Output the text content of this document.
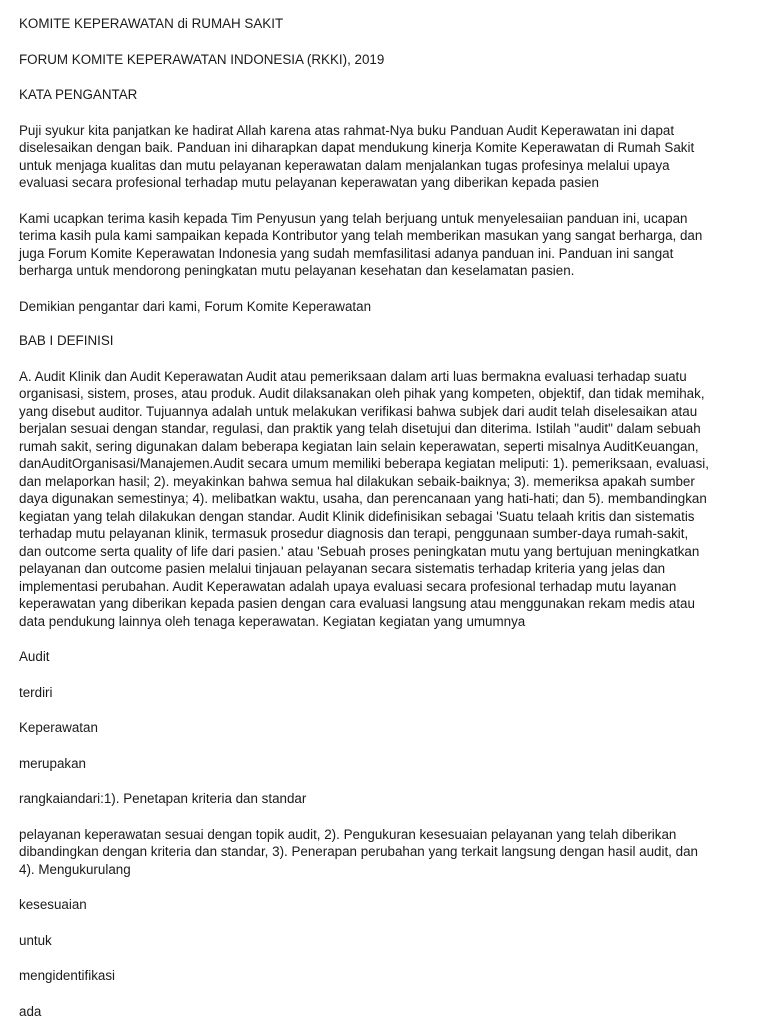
KOMITE KEPERAWATAN di RUMAH SAKIT

FORUM KOMITE KEPERAWATAN INDONESIA (RKKI), 2019

KATA PENGANTAR

Puji syukur kita panjatkan ke hadirat Allah karena atas rahmat-Nya buku Panduan Audit Keperawatan ini dapat

diselesaikan dengan baik. Panduan ini diharapkan dapat mendukung kinerja Komite Keperawatan di Rumah Sakit

untuk menjaga kualitas dan mutu pelayanan keperawatan dalam menjalankan tugas profesinya melalui upaya

evaluasi secara profesional terhadap mutu pelayanan keperawatan yang diberikan kepada pasien

Kami ucapkan terima kasih kepada Tim Penyusun yang telah berjuang untuk menyelesaiian panduan ini, ucapan

terima kasih pula kami sampaikan kepada Kontributor yang telah memberikan masukan yang sangat berharga, dan

juga Forum Komite Keperawatan Indonesia yang sudah memfasilitasi adanya panduan ini. Panduan ini sangat

berharga untuk mendorong peningkatan mutu pelayanan kesehatan dan keselamatan pasien.

Demikian pengantar dari kami, Forum Komite Keperawatan

BAB I DEFINISI

A. Audit Klinik dan Audit Keperawatan Audit atau pemeriksaan dalam arti luas bermakna evaluasi terhadap suatu

organisasi, sistem, proses, atau produk. Audit dilaksanakan oleh pihak yang kompeten, objektif, dan tidak memihak,

yang disebut auditor. Tujuannya adalah untuk melakukan verifikasi bahwa subjek dari audit telah diselesaikan atau

berjalan sesuai dengan standar, regulasi, dan praktik yang telah disetujui dan diterima. Istilah "audit" dalam sebuah

rumah sakit, sering digunakan dalam beberapa kegiatan lain selain keperawatan, seperti misalnya AuditKeuangan,

danAuditOrganisasi/Manajemen.Audit secara umum memiliki beberapa kegiatan meliputi: 1). pemeriksaan, evaluasi,

dan melaporkan hasil; 2). meyakinkan bahwa semua hal dilakukan sebaik-baiknya; 3). memeriksa apakah sumber

daya digunakan semestinya; 4). melibatkan waktu, usaha, dan perencanaan yang hati-hati; dan 5). membandingkan

kegiatan yang telah dilakukan dengan standar. Audit Klinik didefinisikan sebagai 'Suatu telaah kritis dan sistematis

terhadap mutu pelayanan klinik, termasuk prosedur diagnosis dan terapi, penggunaan sumber-daya rumah-sakit,

dan outcome serta quality of life dari pasien.' atau 'Sebuah proses peningkatan mutu yang bertujuan meningkatkan

pelayanan dan outcome pasien melalui tinjauan pelayanan secara sistematis terhadap kriteria yang jelas dan

implementasi perubahan. Audit Keperawatan adalah upaya evaluasi secara profesional terhadap mutu layanan

keperawatan yang diberikan kepada pasien dengan cara evaluasi langsung atau menggunakan rekam medis atau

data pendukung lainnya oleh tenaga keperawatan. Kegiatan kegiatan yang umumnya

Audit

terdiri

Keperawatan

merupakan

rangkaiandari:1). Penetapan kriteria dan standar

pelayanan keperawatan sesuai dengan topik audit, 2). Pengukuran kesesuaian pelayanan yang telah diberikan

dibandingkan dengan kriteria dan standar, 3). Penerapan perubahan yang terkait langsung dengan hasil audit, dan

4). Mengukurulang

kesesuaian

untuk

mengidentifikasi

ada
